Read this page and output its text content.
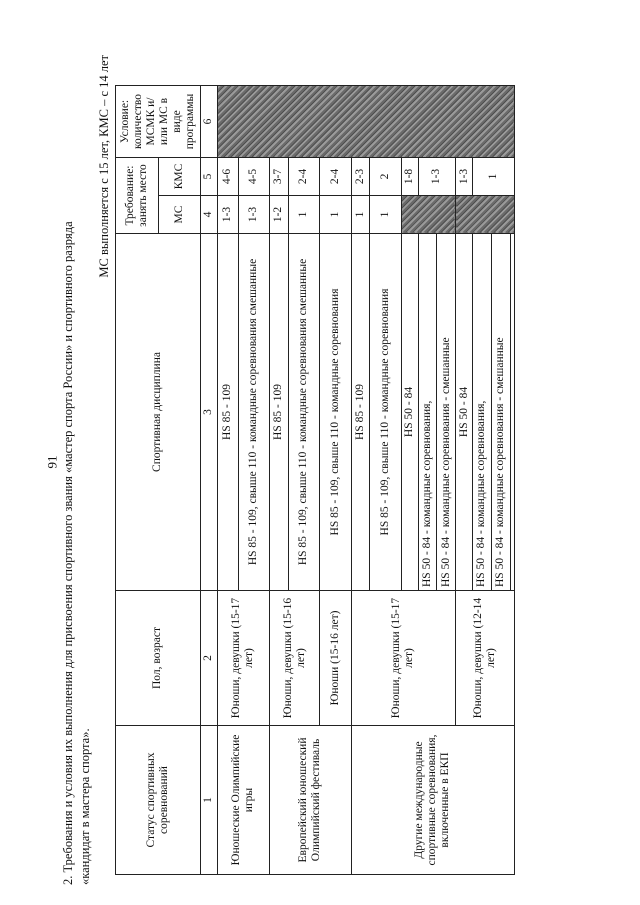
91 2. Требования и условия их выполнения для присвоения спортивного звания «мастер спорта России» и спортивного разряда «кандидат в мастера спорта».
МС выполняется с 15 лет, КМС – с 14 лет
Статус спортивных соревнований	Пол, возраст	Спортивная дисциплина	Требование: занять место		Условие: количество МСМК и/или МС в виде программы
			МС	КМС	
1	2	3	4	5	6
Юношеские Олимпийские игры	Юноши, девушки (15-17 лет)	HS 85 - 109	1-3	4-6	
		HS 85 - 109, свыше 110 - командные соревнования смешанные	1-3	4-5	
Европейский юношеский Олимпийский фестиваль	Юноши, девушки (15-16 лет)	HS 85 - 109	1-2	3-7	
		HS 85 - 109, свыше 110 - командные соревнования смешанные	1	2-4	
	Юноши (15-16 лет)	HS 85 - 109, свыше 110 - командные соревнования	1	2-4	
Другие международные спортивные соревнования, включенные в ЕКП	Юноши, девушки (15-17 лет)	HS 85 - 109	1	2-3	
		HS 85 - 109, свыше 110 - командные соревнования	1	2	
		HS 50 - 84		1-8	
		HS 50 - 84 - командные соревнования,		1-3	
		HS 50 - 84 - командные соревнования - смешанные			
	Юноши, девушки (12-14 лет)	HS 50 - 84		1-3	
		HS 50 - 84 - командные соревнования,		1	
		HS 50 - 84 - командные соревнования - смешанные			
